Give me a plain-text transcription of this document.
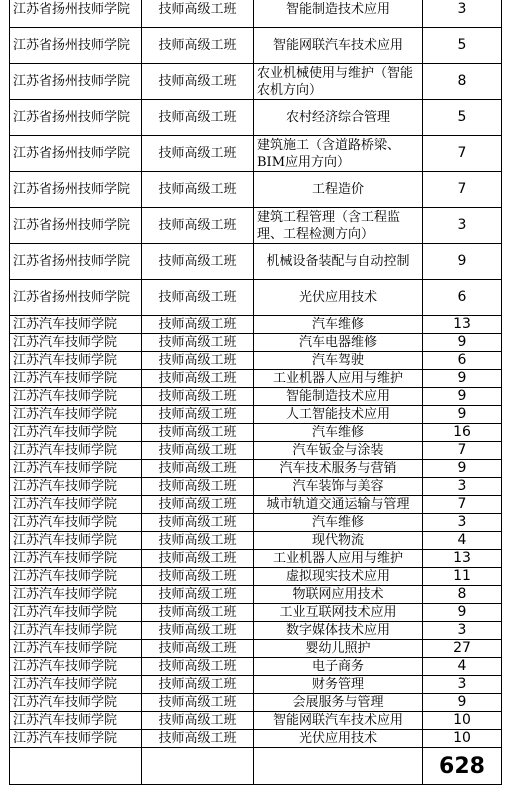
江苏省扬州技师学院	技师高级工班	智能制造技术应用	3
江苏省扬州技师学院	技师高级工班	智能网联汽车技术应用	5
江苏省扬州技师学院	技师高级工班	农业机械使用与维护（智能农机方向）	8
江苏省扬州技师学院	技师高级工班	农村经济综合管理	5
江苏省扬州技师学院	技师高级工班	建筑施工（含道路桥梁、BIM应用方向）	7
江苏省扬州技师学院	技师高级工班	工程造价	7
江苏省扬州技师学院	技师高级工班	建筑工程管理（含工程监理、工程检测方向）	3
江苏省扬州技师学院	技师高级工班	机械设备装配与自动控制	9
江苏省扬州技师学院	技师高级工班	光伏应用技术	6
江苏汽车技师学院	技师高级工班	汽车维修	13
江苏汽车技师学院	技师高级工班	汽车电器维修	9
江苏汽车技师学院	技师高级工班	汽车驾驶	6
江苏汽车技师学院	技师高级工班	工业机器人应用与维护	9
江苏汽车技师学院	技师高级工班	智能制造技术应用	9
江苏汽车技师学院	技师高级工班	人工智能技术应用	9
江苏汽车技师学院	技师高级工班	汽车维修	16
江苏汽车技师学院	技师高级工班	汽车钣金与涂装	7
江苏汽车技师学院	技师高级工班	汽车技术服务与营销	9
江苏汽车技师学院	技师高级工班	汽车装饰与美容	3
江苏汽车技师学院	技师高级工班	城市轨道交通运输与管理	7
江苏汽车技师学院	技师高级工班	汽车维修	3
江苏汽车技师学院	技师高级工班	现代物流	4
江苏汽车技师学院	技师高级工班	工业机器人应用与维护	13
江苏汽车技师学院	技师高级工班	虚拟现实技术应用	11
江苏汽车技师学院	技师高级工班	物联网应用技术	8
江苏汽车技师学院	技师高级工班	工业互联网技术应用	9
江苏汽车技师学院	技师高级工班	数字媒体技术应用	3
江苏汽车技师学院	技师高级工班	婴幼儿照护	27
江苏汽车技师学院	技师高级工班	电子商务	4
江苏汽车技师学院	技师高级工班	财务管理	3
江苏汽车技师学院	技师高级工班	会展服务与管理	9
江苏汽车技师学院	技师高级工班	智能网联汽车技术应用	10
江苏汽车技师学院	技师高级工班	光伏应用技术	10
			628
